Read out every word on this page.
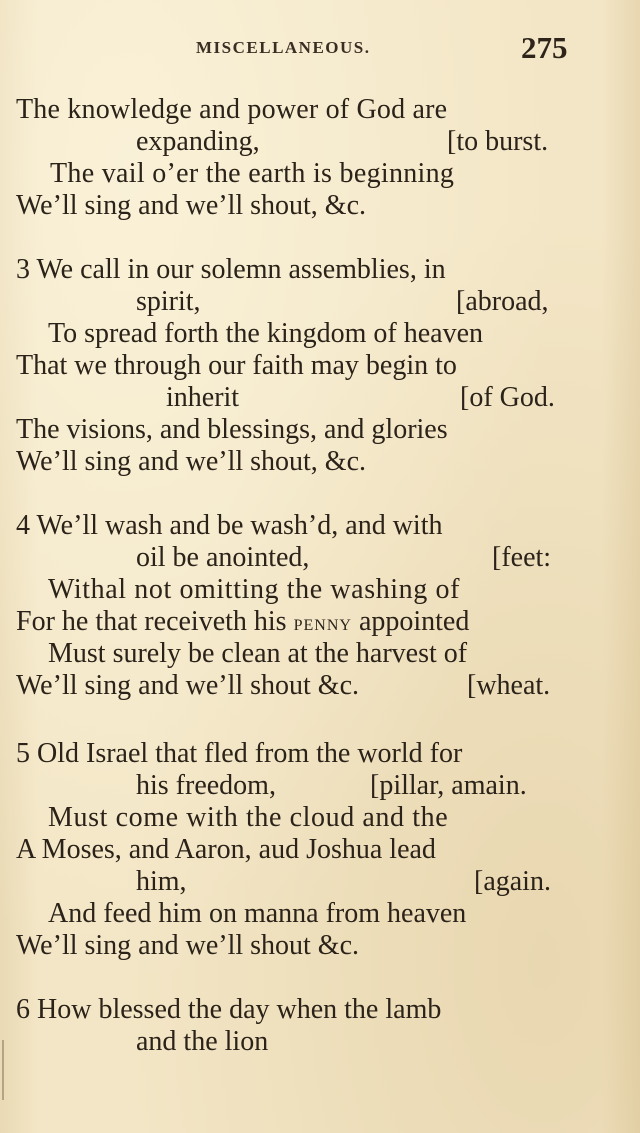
MISCELLANEOUS.	275
The knowledge and power of God are
expanding,	[to burst.
The vail o’er the earth is beginning
We’ll sing and we’ll shout, &c.
3 We call in our solemn assemblies, in
spirit,	[abroad,
To spread forth the kingdom of heaven
That we through our faith may begin to
inherit	[of God.
The visions, and blessings, and glories
We’ll sing and we’ll shout, &c.
4 We’ll wash and be wash’d, and with
oil be anointed,	[feet:
Withal not omitting the washing of
For he that receiveth his PENNY appointed
Must surely be clean at the harvest of
We’ll sing and we’ll shout &c.	[wheat.
5 Old Israel that fled from the world for
his freedom,	[pillar, amain.
Must come with the cloud and the
A Moses, and Aaron, aud Joshua lead
him,	[again.
And feed him on manna from heaven
We’ll sing and we’ll shout &c.
6 How blessed the day when the lamb
and the lion
